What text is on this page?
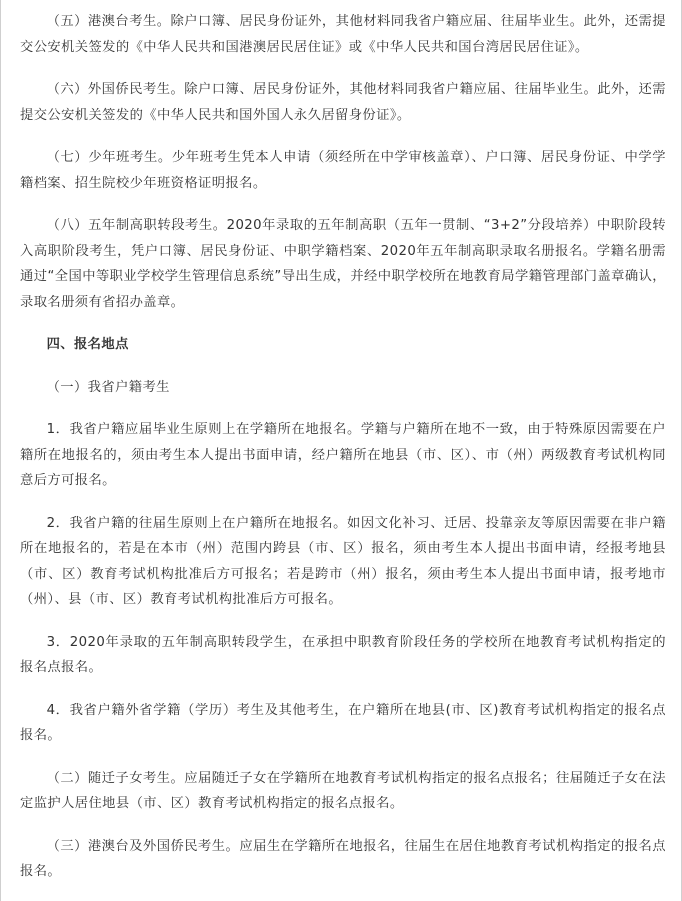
（五）港澳台考生。除户口簿、居民身份证外，其他材料同我省户籍应届、往届毕业生。此外，还需提交公安机关签发的《中华人民共和国港澳居民居住证》或《中华人民共和国台湾居民居住证》。

（六）外国侨民考生。除户口簿、居民身份证外，其他材料同我省户籍应届、往届毕业生。此外，还需提交公安机关签发的《中华人民共和国外国人永久居留身份证》。

（七）少年班考生。少年班考生凭本人申请（须经所在中学审核盖章）、户口簿、居民身份证、中学学籍档案、招生院校少年班资格证明报名。

（八）五年制高职转段考生。2020年录取的五年制高职（五年一贯制、“3+2”分段培养）中职阶段转入高职阶段考生，凭户口簿、居民身份证、中职学籍档案、2020年五年制高职录取名册报名。学籍名册需通过“全国中等职业学校学生管理信息系统”导出生成，并经中职学校所在地教育局学籍管理部门盖章确认，录取名册须有省招办盖章。

四、报名地点

（一）我省户籍考生

1．我省户籍应届毕业生原则上在学籍所在地报名。学籍与户籍所在地不一致，由于特殊原因需要在户籍所在地报名的，须由考生本人提出书面申请，经户籍所在地县（市、区）、市（州）两级教育考试机构同意后方可报名。

2．我省户籍的往届生原则上在户籍所在地报名。如因文化补习、迁居、投靠亲友等原因需要在非户籍所在地报名的，若是在本市（州）范围内跨县（市、区）报名，须由考生本人提出书面申请，经报考地县（市、区）教育考试机构批准后方可报名；若是跨市（州）报名，须由考生本人提出书面申请，报考地市（州）、县（市、区）教育考试机构批准后方可报名。

3．2020年录取的五年制高职转段学生，在承担中职教育阶段任务的学校所在地教育考试机构指定的报名点报名。

4．我省户籍外省学籍（学历）考生及其他考生，在户籍所在地县(市、区)教育考试机构指定的报名点报名。

（二）随迁子女考生。应届随迁子女在学籍所在地教育考试机构指定的报名点报名；往届随迁子女在法定监护人居住地县（市、区）教育考试机构指定的报名点报名。

（三）港澳台及外国侨民考生。应届生在学籍所在地报名，往届生在居住地教育考试机构指定的报名点报名。
